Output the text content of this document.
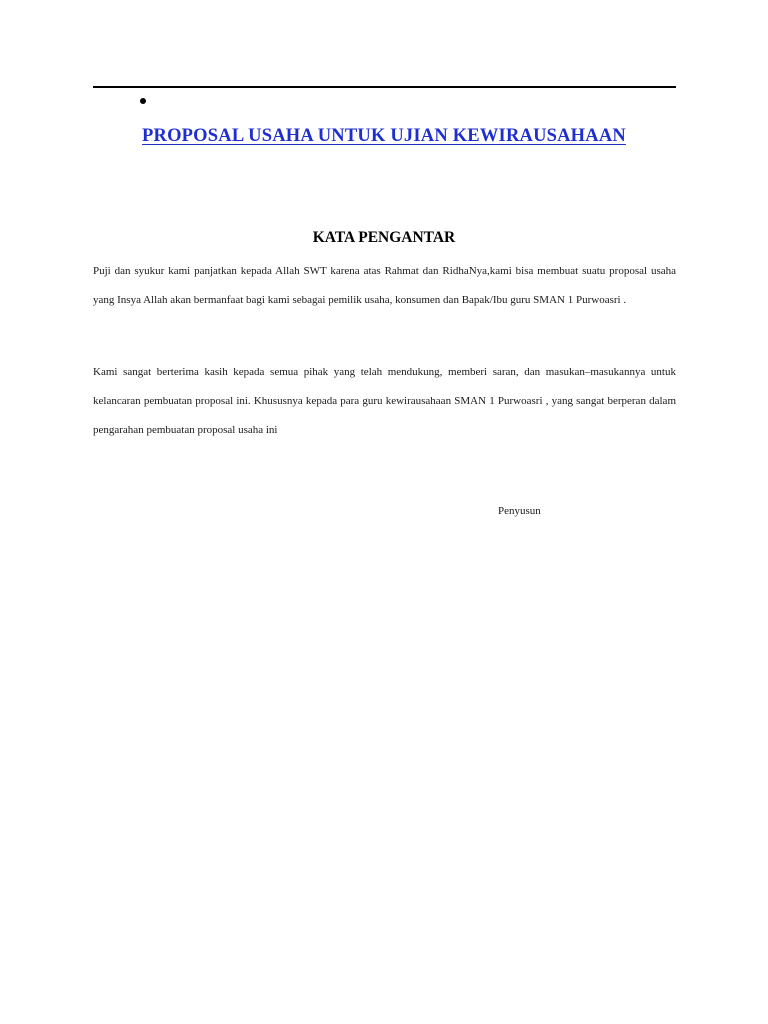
PROPOSAL USAHA UNTUK UJIAN KEWIRAUSAHAAN
KATA PENGANTAR

Puji dan syukur kami panjatkan kepada Allah SWT karena atas Rahmat dan RidhaNya,kami bisa membuat suatu proposal usaha yang Insya Allah akan bermanfaat bagi kami sebagai pemilik usaha, konsumen dan Bapak/Ibu guru SMAN 1 Purwoasri .

Kami sangat berterima kasih kepada semua pihak yang telah mendukung, memberi saran, dan masukan–masukannya untuk kelancaran pembuatan proposal ini. Khususnya kepada para guru kewirausahaan SMAN 1 Purwoasri , yang sangat berperan dalam pengarahan pembuatan proposal usaha ini

Penyusun
